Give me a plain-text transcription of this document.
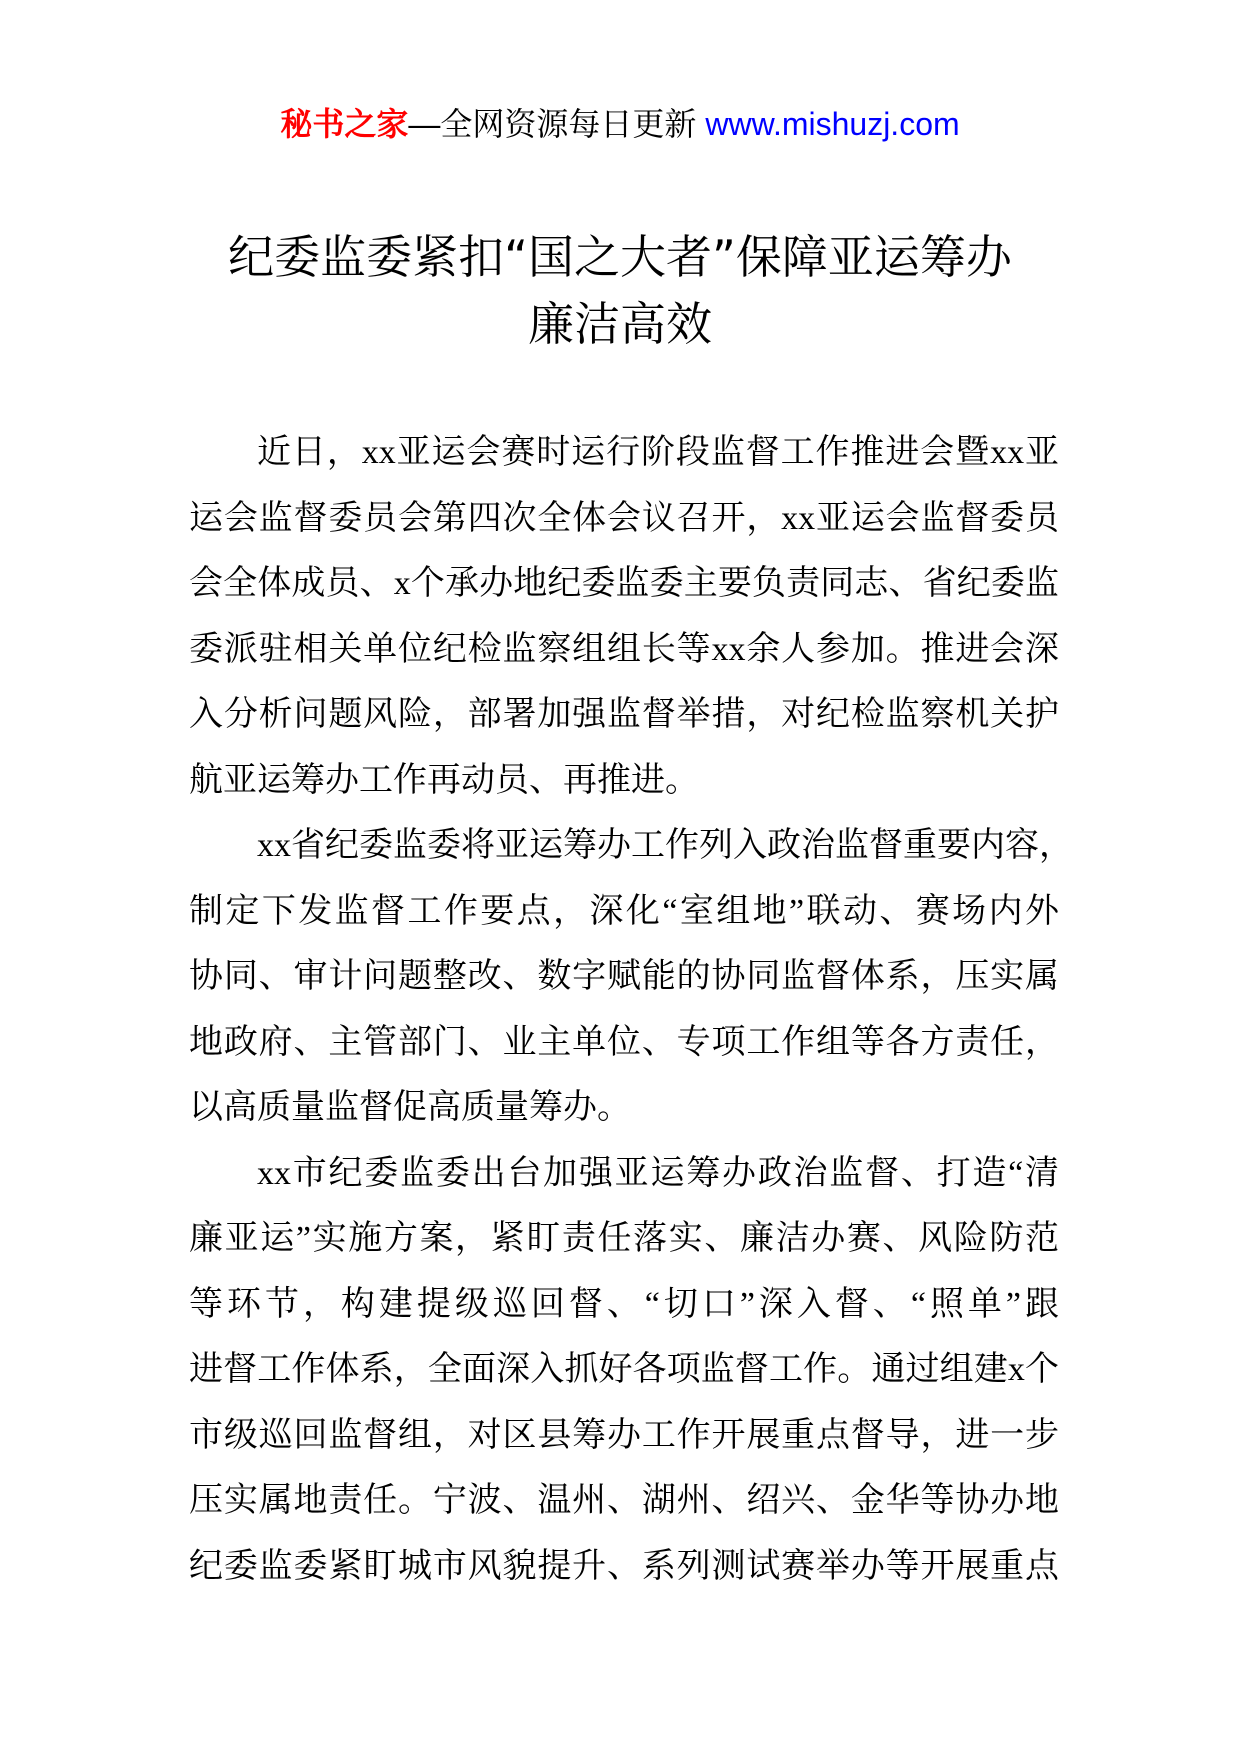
秘书之家—全网资源每日更新 www.mishuzj.com
纪委监委紧扣“国之大者”保障亚运筹办
廉洁高效
近日，xx亚运会赛时运行阶段监督工作推进会暨xx亚
运会监督委员会第四次全体会议召开，xx亚运会监督委员
会全体成员、x个承办地纪委监委主要负责同志、省纪委监
委派驻相关单位纪检监察组组长等xx余人参加。推进会深
入分析问题风险，部署加强监督举措，对纪检监察机关护
航亚运筹办工作再动员、再推进。
xx省纪委监委将亚运筹办工作列入政治监督重要内容，
制定下发监督工作要点，深化“室组地”联动、赛场内外
协同、审计问题整改、数字赋能的协同监督体系，压实属
地政府、主管部门、业主单位、专项工作组等各方责任，
以高质量监督促高质量筹办。
xx市纪委监委出台加强亚运筹办政治监督、打造“清
廉亚运”实施方案，紧盯责任落实、廉洁办赛、风险防范
等环节，构建提级巡回督、“切口”深入督、“照单”跟
进督工作体系，全面深入抓好各项监督工作。通过组建x个
市级巡回监督组，对区县筹办工作开展重点督导，进一步
压实属地责任。宁波、温州、湖州、绍兴、金华等协办地
纪委监委紧盯城市风貌提升、系列测试赛举办等开展重点
